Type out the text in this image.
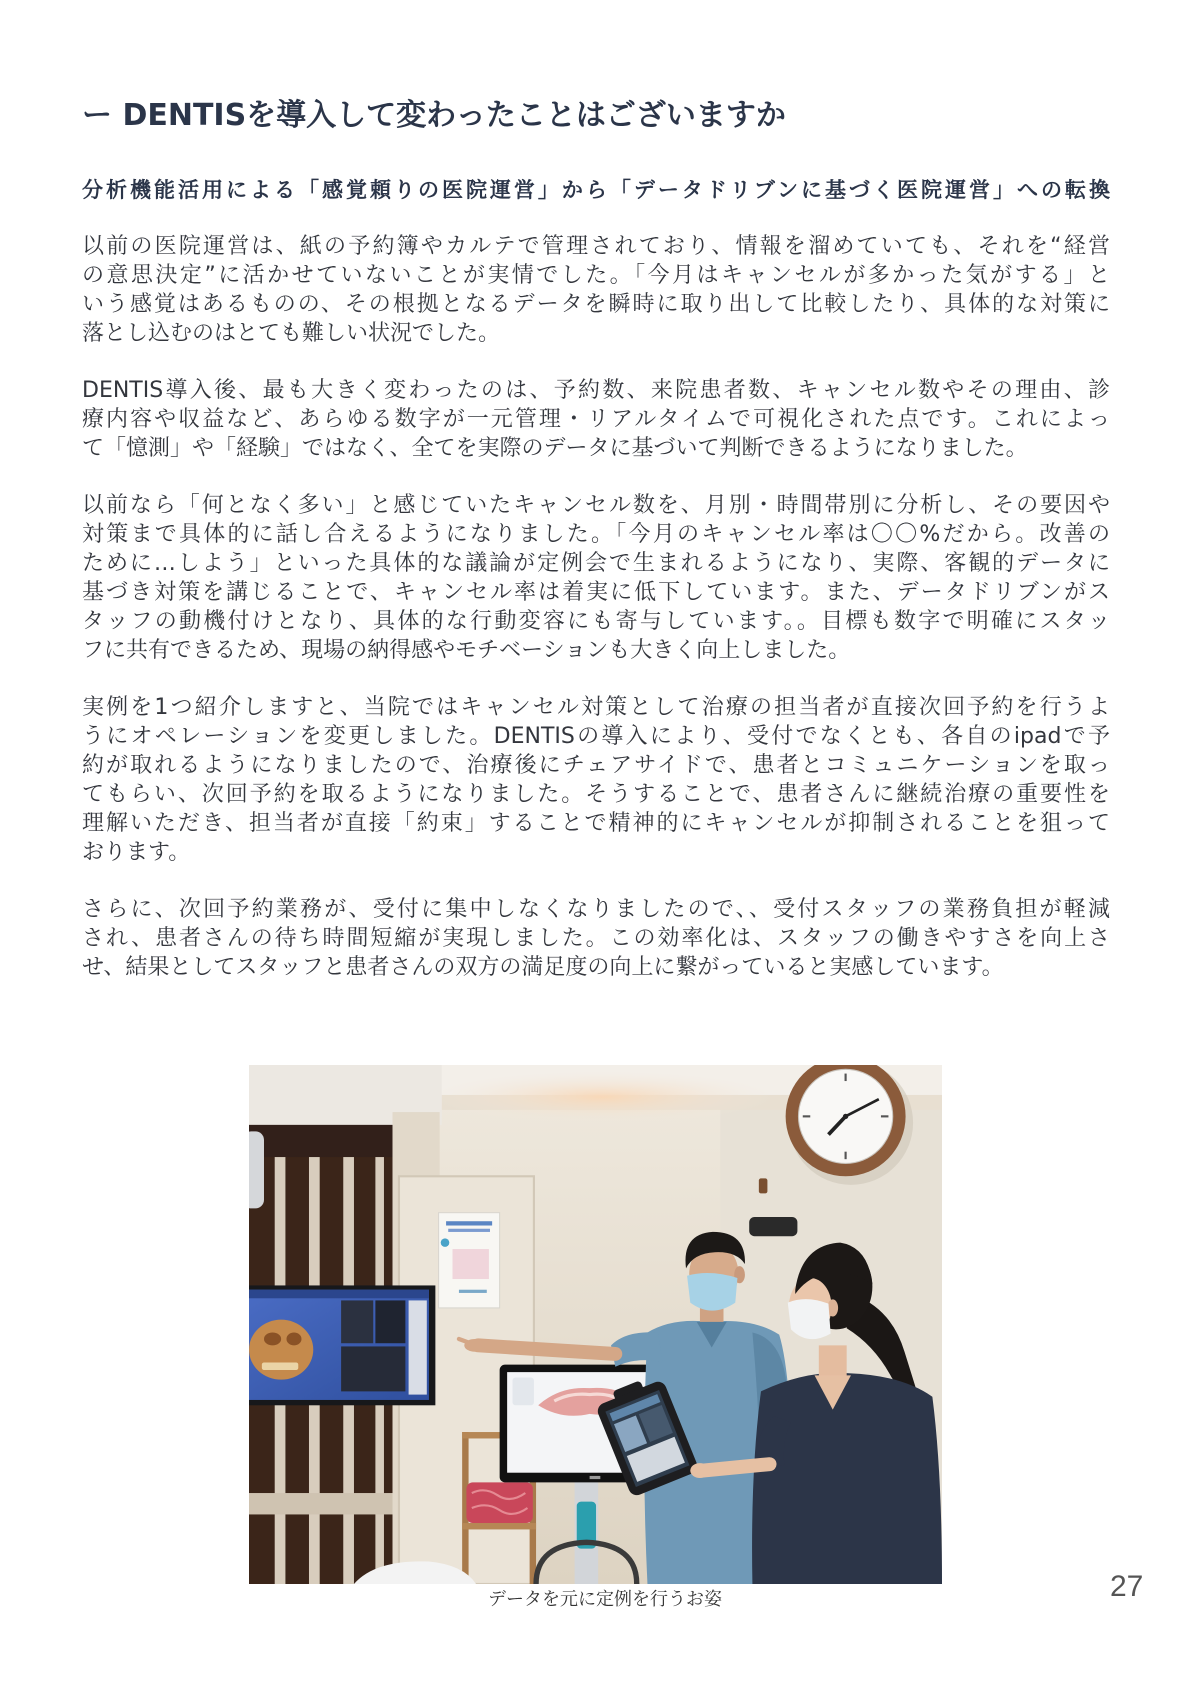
ー DENTISを導入して変わったことはございますか
分析機能活用による「感覚頼りの医院運営」から「データドリブンに基づく医院運営」への転換
以前の医院運営は、紙の予約簿やカルテで管理されており、情報を溜めていても、それを“経営
の意思決定”に活かせていないことが実情でした。「今月はキャンセルが多かった気がする」と
いう感覚はあるものの、その根拠となるデータを瞬時に取り出して比較したり、具体的な対策に
落とし込むのはとても難しい状況でした。
DENTIS導入後、最も大きく変わったのは、予約数、来院患者数、キャンセル数やその理由、診
療内容や収益など、あらゆる数字が一元管理・リアルタイムで可視化された点です。これによっ
て「憶測」や「経験」ではなく、全てを実際のデータに基づいて判断できるようになりました。
以前なら「何となく多い」と感じていたキャンセル数を、月別・時間帯別に分析し、その要因や
対策まで具体的に話し合えるようになりました。「今月のキャンセル率は〇〇%だから。改善の
ために…しよう」といった具体的な議論が定例会で生まれるようになり、実際、客観的データに
基づき対策を講じることで、キャンセル率は着実に低下しています。また、データドリブンがス
タッフの動機付けとなり、具体的な行動変容にも寄与しています。。目標も数字で明確にスタッ
フに共有できるため、現場の納得感やモチベーションも大きく向上しました。
実例を1つ紹介しますと、当院ではキャンセル対策として治療の担当者が直接次回予約を行うよ
うにオペレーションを変更しました。DENTISの導入により、受付でなくとも、各自のipadで予
約が取れるようになりましたので、治療後にチェアサイドで、患者とコミュニケーションを取っ
てもらい、次回予約を取るようになりました。そうすることで、患者さんに継続治療の重要性を
理解いただき、担当者が直接「約束」することで精神的にキャンセルが抑制されることを狙って
おります。
さらに、次回予約業務が、受付に集中しなくなりましたので、、受付スタッフの業務負担が軽減
され、患者さんの待ち時間短縮が実現しました。この効率化は、スタッフの働きやすさを向上さ
せ、結果としてスタッフと患者さんの双方の満足度の向上に繋がっていると実感しています。
データを元に定例を行うお姿	27
